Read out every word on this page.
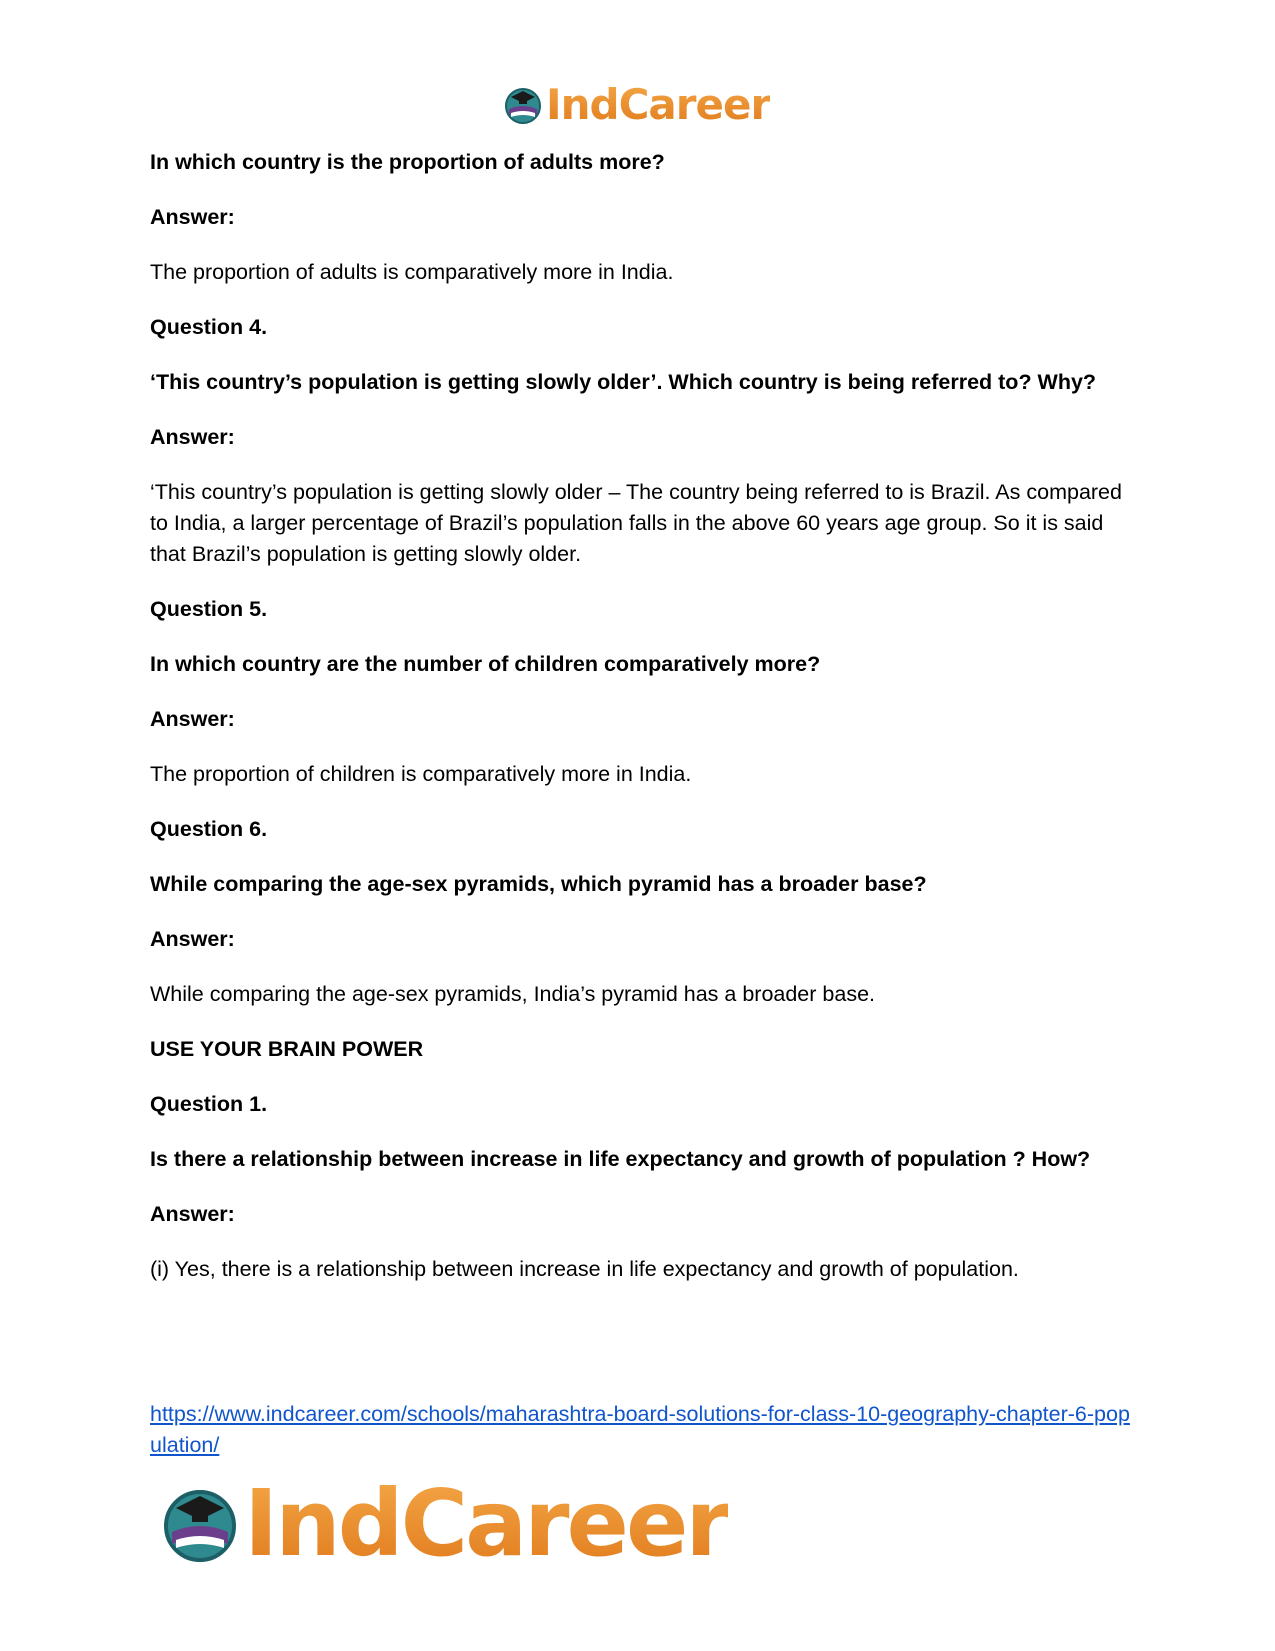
IndCareer

In which country is the proportion of adults more?

Answer:

The proportion of adults is comparatively more in India.

Question 4.

‘This country’s population is getting slowly older’. Which country is being referred to? Why?

Answer:

‘This country’s population is getting slowly older – The country being referred to is Brazil. As compared to India, a larger percentage of Brazil’s population falls in the above 60 years age group. So it is said that Brazil’s population is getting slowly older.

Question 5.

In which country are the number of children comparatively more?

Answer:

The proportion of children is comparatively more in India.

Question 6.

While comparing the age-sex pyramids, which pyramid has a broader base?

Answer:

While comparing the age-sex pyramids, India’s pyramid has a broader base.

USE YOUR BRAIN POWER

Question 1.

Is there a relationship between increase in life expectancy and growth of population ? How?

Answer:

(i) Yes, there is a relationship between increase in life expectancy and growth of population.

https://www.indcareer.com/schools/maharashtra-board-solutions-for-class-10-geography-chapter-6-population/
IndCareer
